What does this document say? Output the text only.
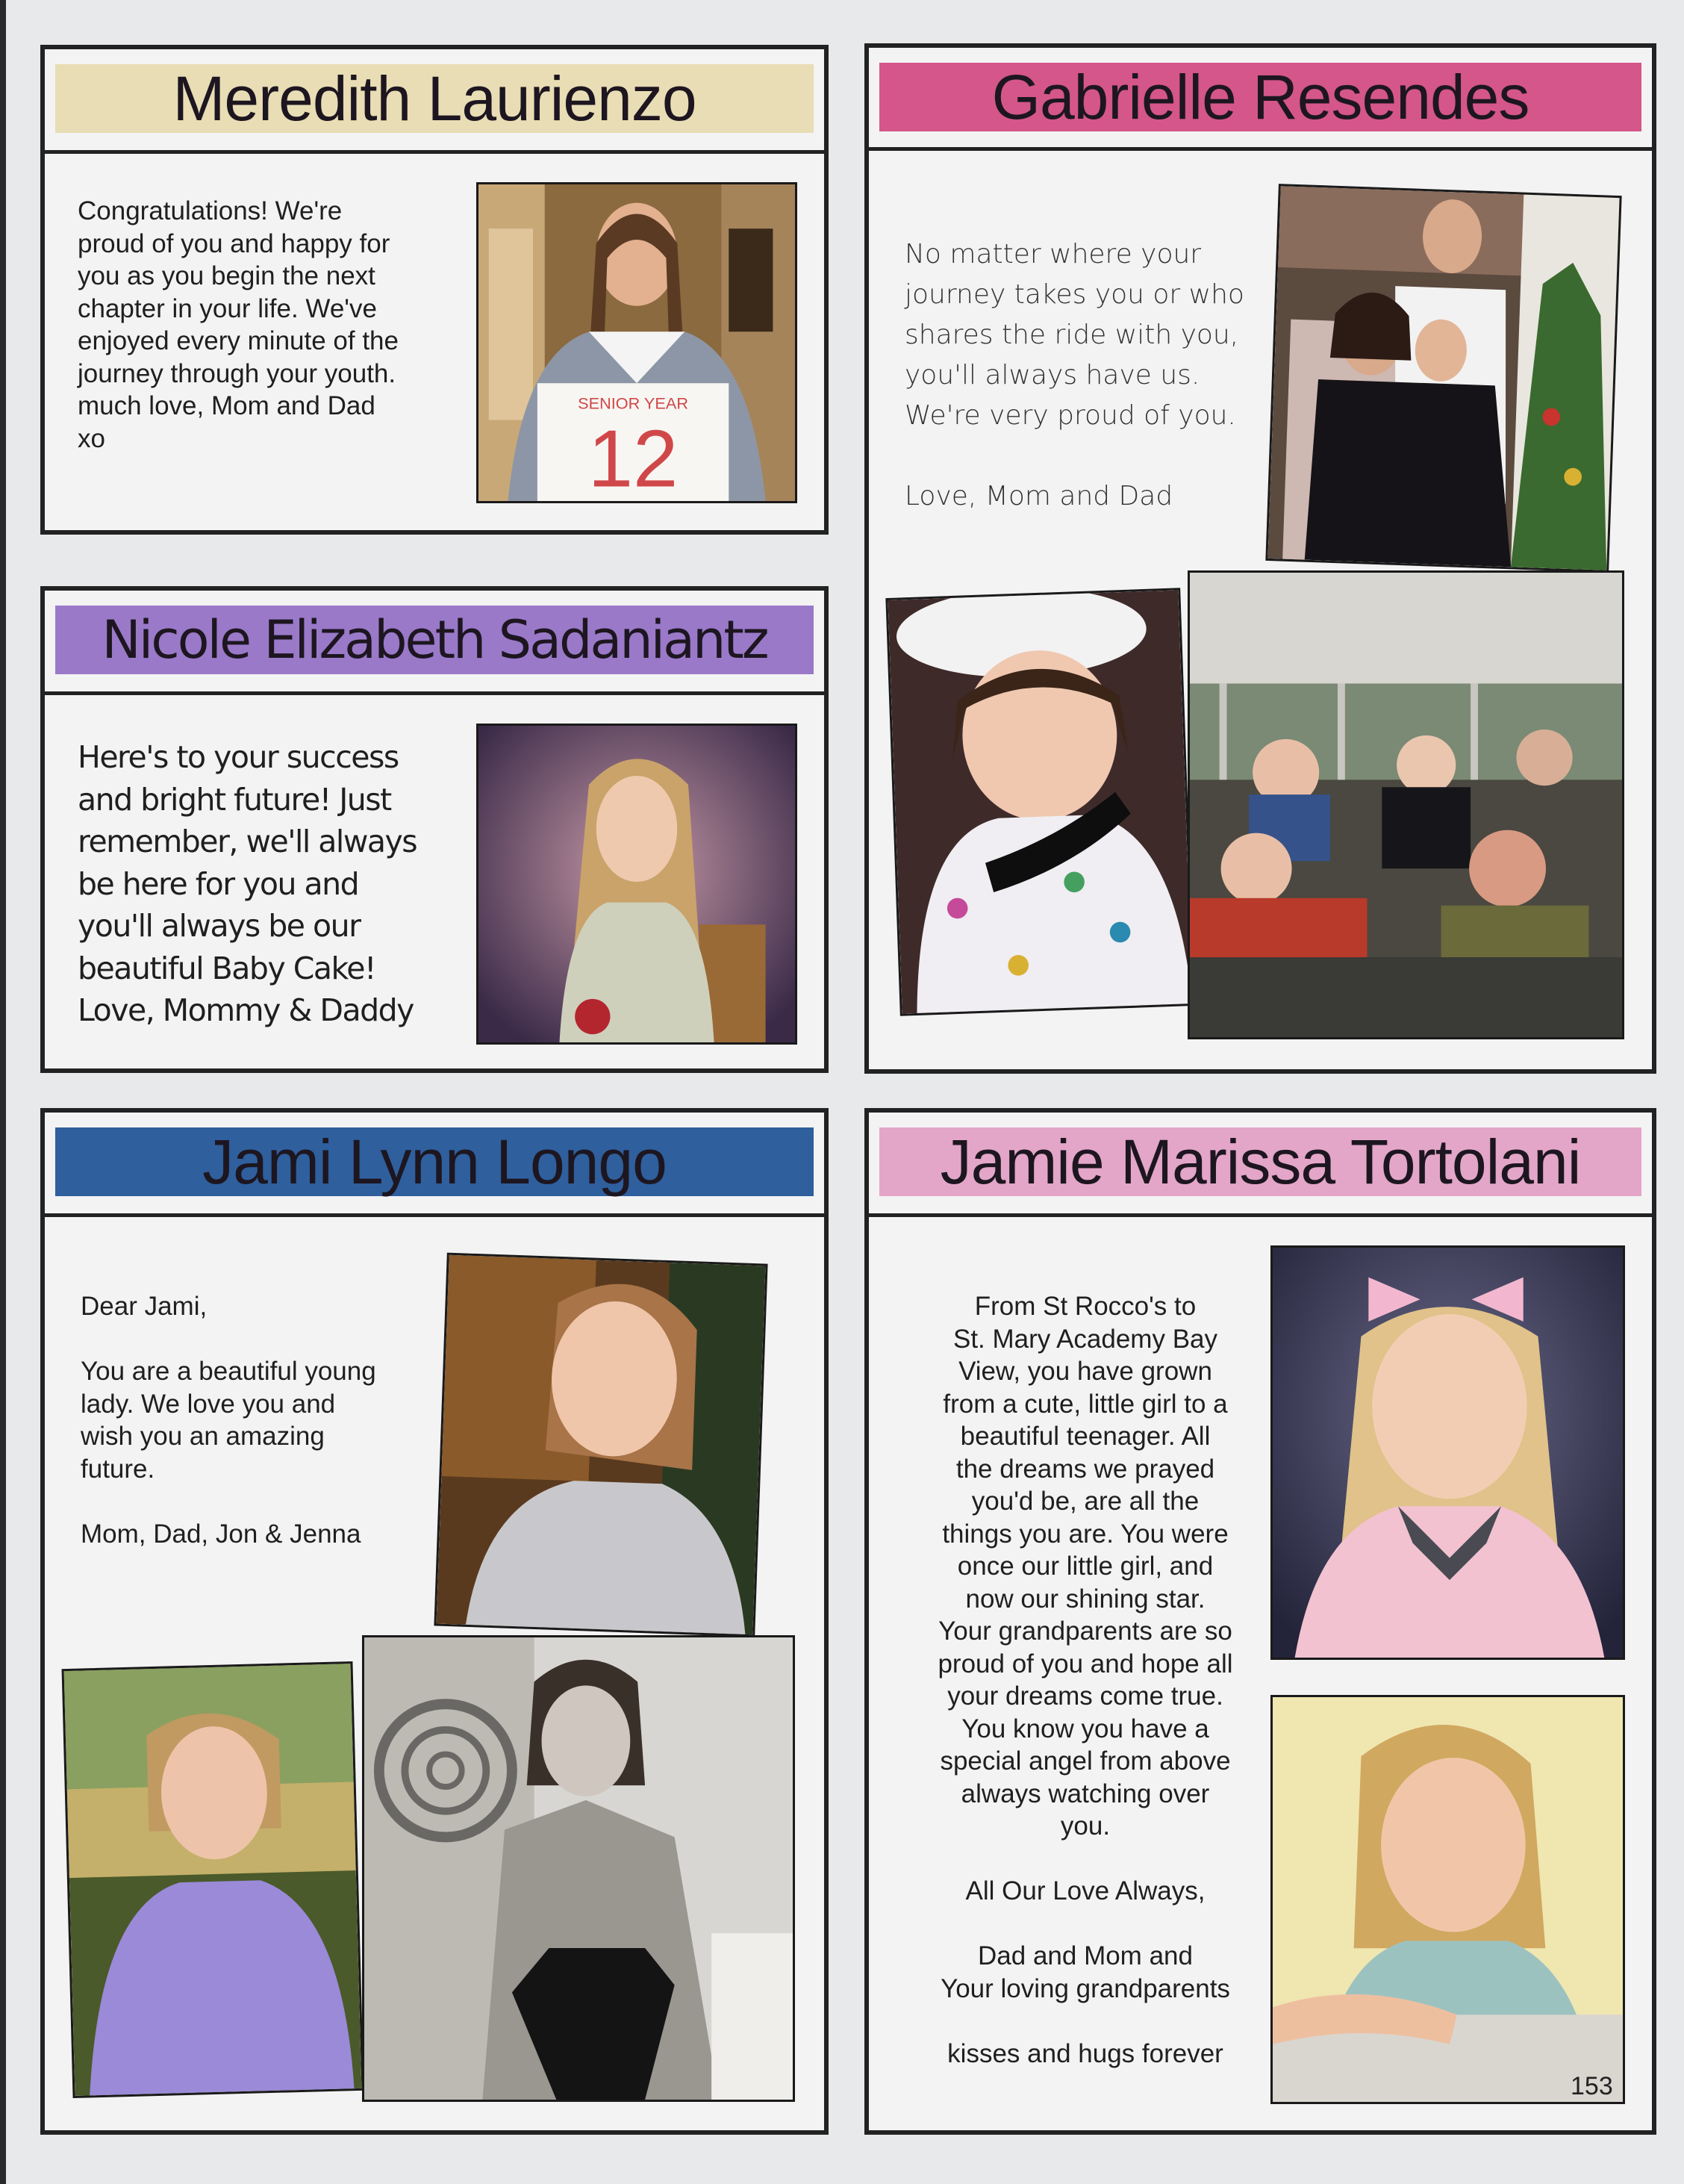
Meredith Laurienzo
Congratulations! We're
proud of you and happy for
you as you begin the next
chapter in your life. We've
enjoyed every minute of the
journey through your youth.
much love, Mom and Dad
xo
SENIOR YEAR
12
Nicole Elizabeth Sadaniantz
Here's to your success
and bright future! Just
remember, we'll always
be here for you and
you'll always be our
beautiful Baby Cake!
Love, Mommy & Daddy
Gabrielle Resendes
No matter where your
journey takes you or who
shares the ride with you,
you'll always have us.
We're very proud of you.

Love, Mom and Dad
Jami Lynn Longo
Dear Jami,

You are a beautiful young
lady. We love you and
wish you an amazing
future.

Mom, Dad, Jon & Jenna
Jamie Marissa Tortolani
From St Rocco's to
St. Mary Academy Bay
View, you have grown
from a cute, little girl to a
beautiful teenager. All
the dreams we prayed
you'd be, are all the
things you are. You were
once our little girl, and
now our shining star.
Your grandparents are so
proud of you and hope all
your dreams come true.
You know you have a
special angel from above
always watching over
you.

All Our Love Always,

Dad and Mom and
Your loving grandparents

kisses and hugs forever
153
